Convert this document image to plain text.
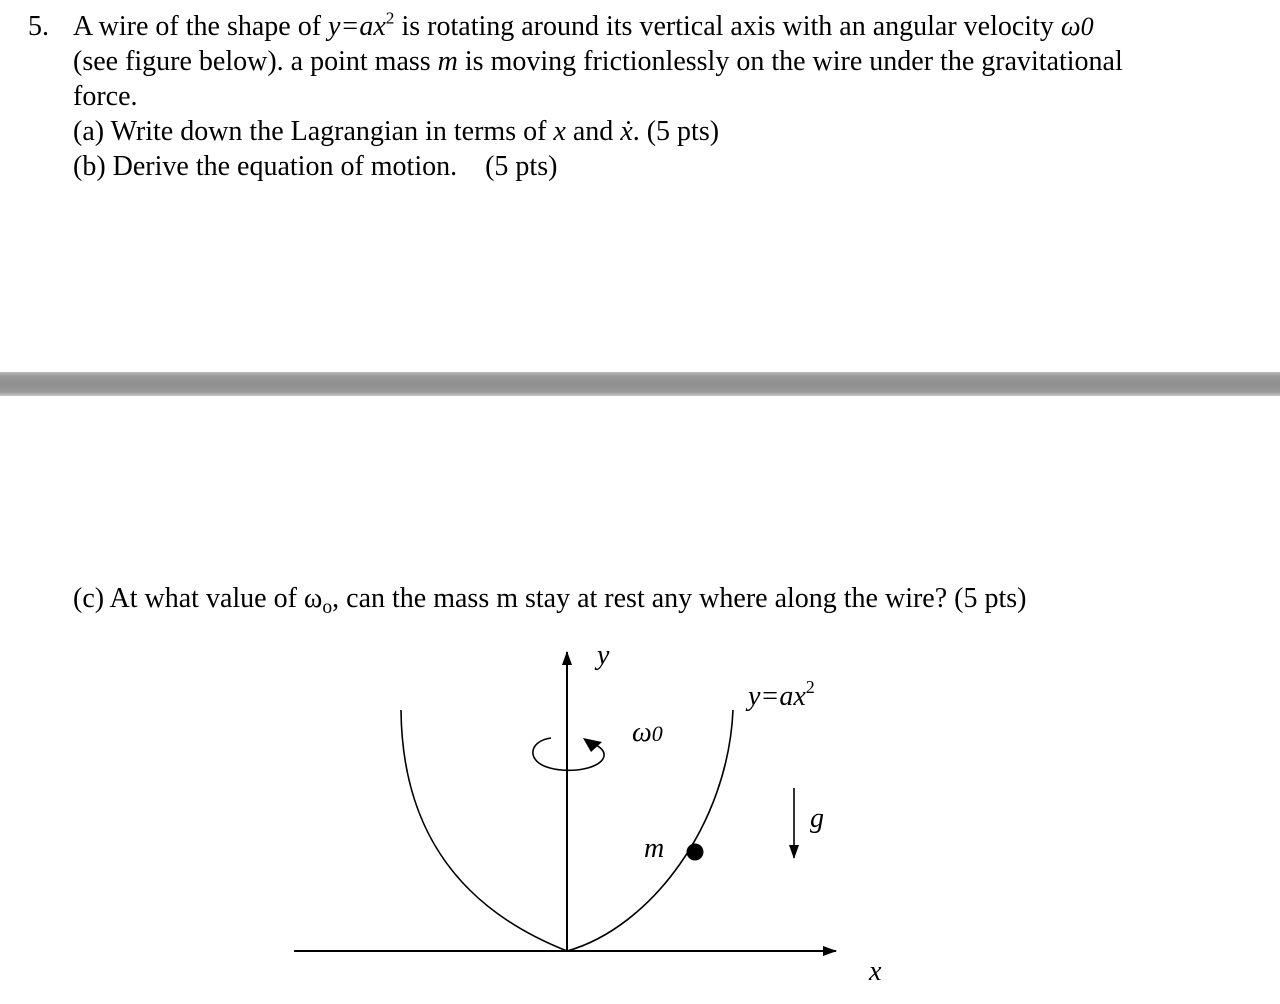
5. A wire of the shape of $y=ax^2$ is rotating around its vertical axis with an angular velocity ω0
(see figure below). a point mass m is moving frictionlessly on the wire under the gravitational
force.
(a) Write down the Lagrangian in terms of x and ẋ. (5 pts)
(b) Derive the equation of motion.    (5 pts)
(c) At what value of $\omega_o$, can the mass m stay at rest any where along the wire? (5 pts)
y
x
$y=ax^2$
ω0
m
g
